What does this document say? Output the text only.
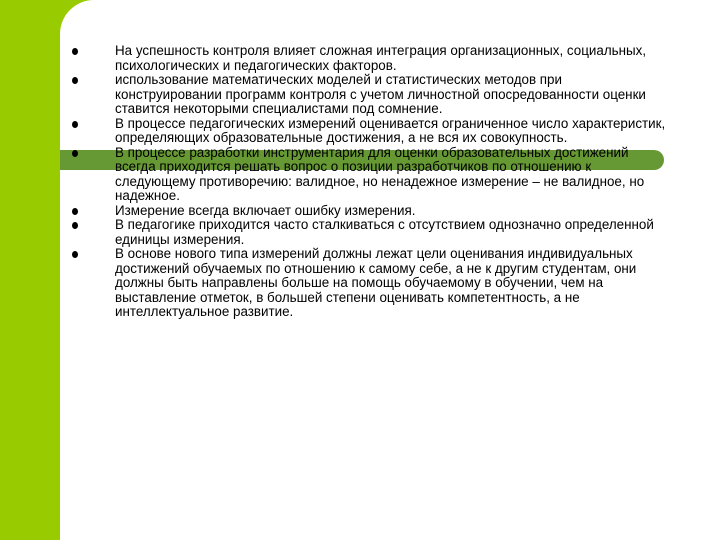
На успешность контроля влияет сложная интеграция организационных, социальных, психологических и педагогических факторов.
использование математических моделей и статистических методов при конструировании программ контроля с учетом личностной опосредованности оценки ставится некоторыми специалистами под сомнение.
В процессе педагогических измерений оценивается ограниченное число характеристик, определяющих образовательные достижения, а не вся их совокупность.
В процессе разработки инструментария для оценки образовательных достижений всегда приходится решать вопрос о позиции разработчиков по отношению к следующему противоречию: валидное, но ненадежное измерение – не валидное, но надежное.
Измерение всегда включает ошибку измерения.
В педагогике приходится часто сталкиваться с отсутствием однозначно определенной единицы измерения.
В основе нового типа измерений должны лежат цели оценивания индивидуальных достижений обучаемых по отношению к самому себе, а не к другим студентам, они должны быть направлены больше на помощь обучаемому в обучении, чем на выставление отметок, в большей степени оценивать компетентность, а не интеллектуальное развитие.
